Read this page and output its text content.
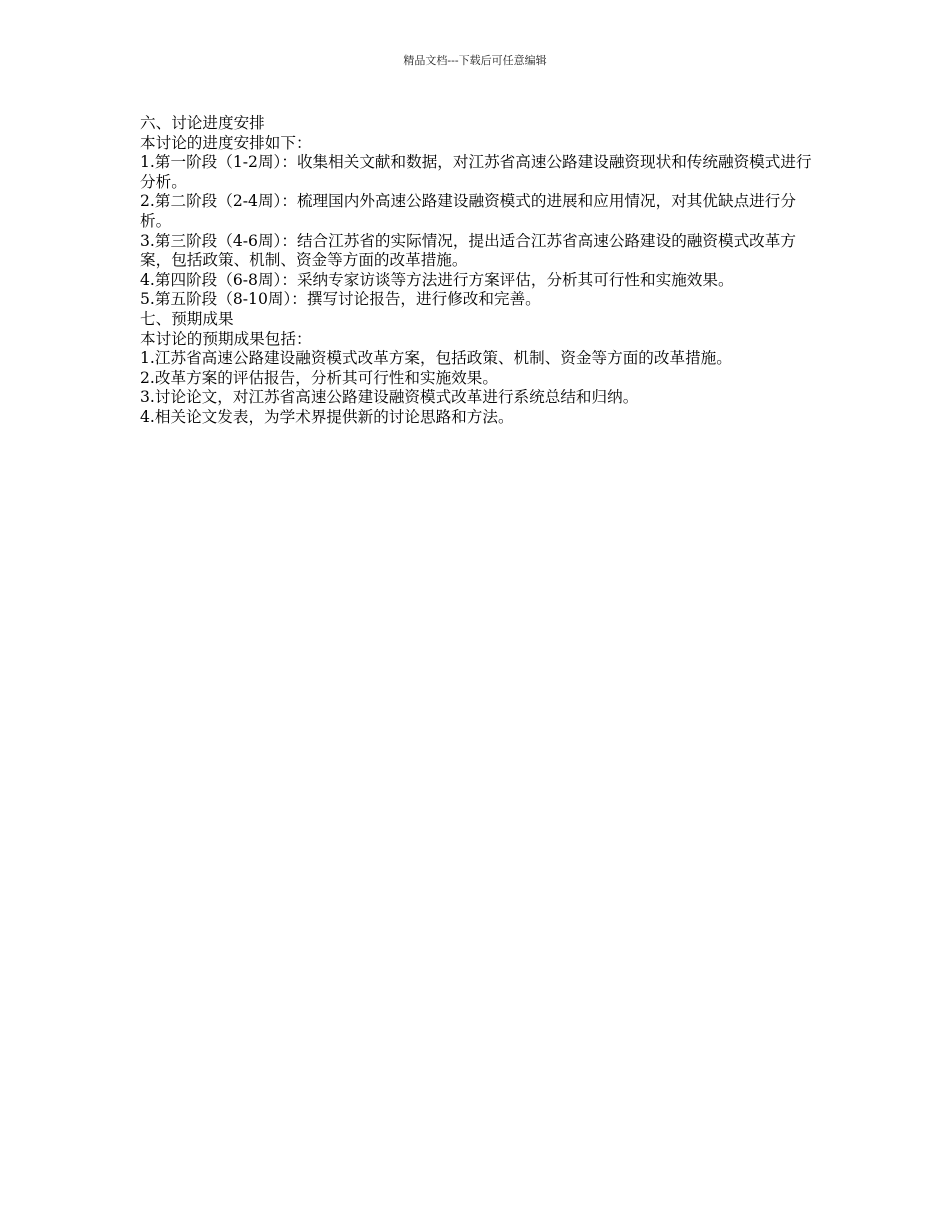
精品文档---下载后可任意编辑
六、讨论进度安排
本讨论的进度安排如下：
1.第一阶段（1-2周）：收集相关文献和数据，对江苏省高速公路建设融资现状和传统融资模式进行分析。
2.第二阶段（2-4周）：梳理国内外高速公路建设融资模式的进展和应用情况，对其优缺点进行分析。
3.第三阶段（4-6周）：结合江苏省的实际情况，提出适合江苏省高速公路建设的融资模式改革方案，包括政策、机制、资金等方面的改革措施。
4.第四阶段（6-8周）：采纳专家访谈等方法进行方案评估，分析其可行性和实施效果。
5.第五阶段（8-10周）：撰写讨论报告，进行修改和完善。
七、预期成果
本讨论的预期成果包括：
1.江苏省高速公路建设融资模式改革方案，包括政策、机制、资金等方面的改革措施。
2.改革方案的评估报告，分析其可行性和实施效果。
3.讨论论文，对江苏省高速公路建设融资模式改革进行系统总结和归纳。
4.相关论文发表，为学术界提供新的讨论思路和方法。
